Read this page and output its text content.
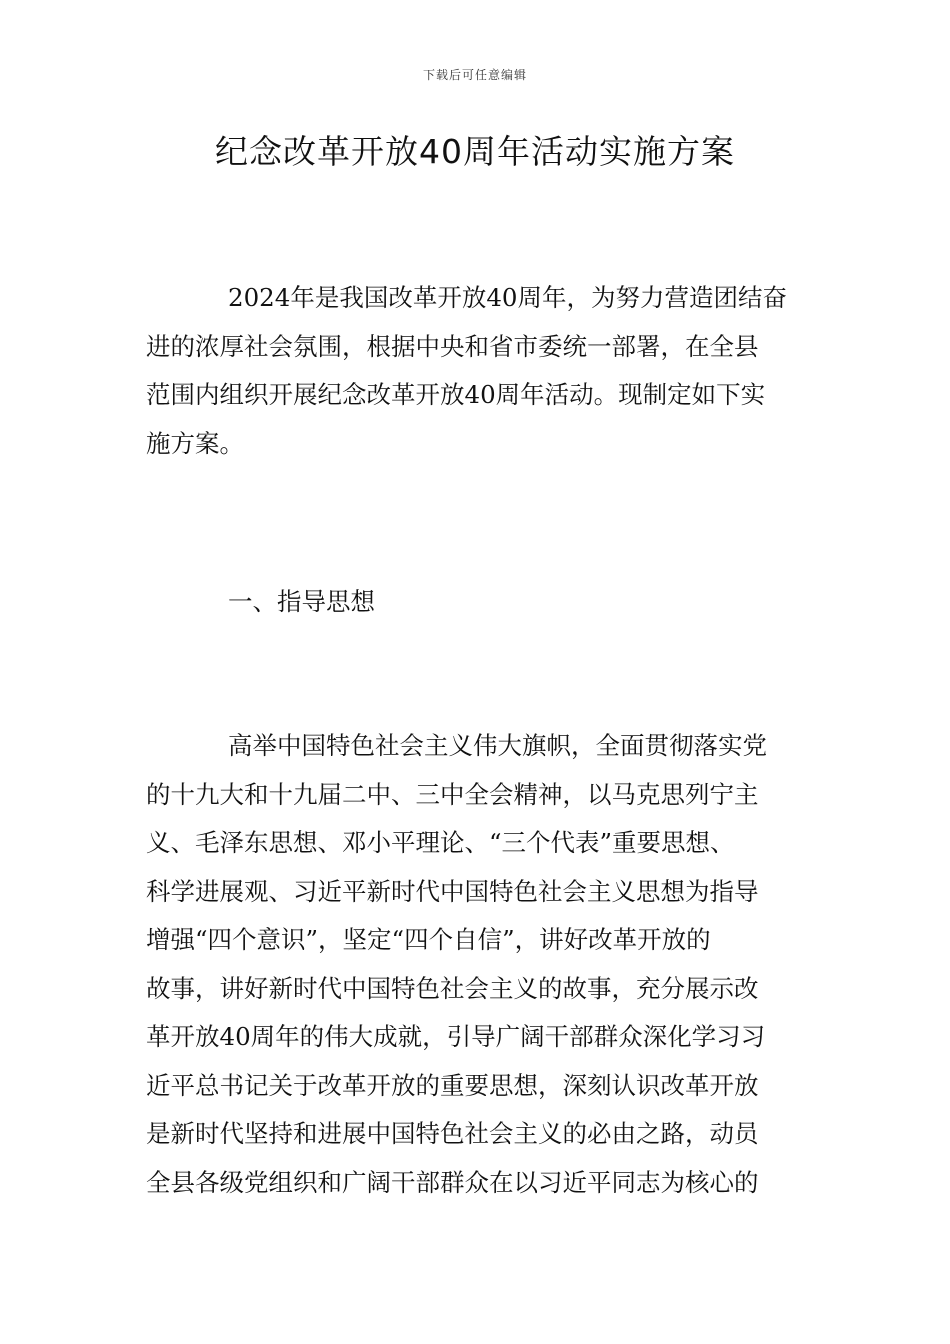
下载后可任意编辑
纪念改革开放40周年活动实施方案
2024年是我国改革开放40周年，为努力营造团结奋
进的浓厚社会氛围，根据中央和省市委统一部署，在全县
范围内组织开展纪念改革开放40周年活动。现制定如下实
施方案。
一、指导思想
高举中国特色社会主义伟大旗帜，全面贯彻落实党
的十九大和十九届二中、三中全会精神，以马克思列宁主
义、毛泽东思想、邓小平理论、“三个代表”重要思想、
科学进展观、习近平新时代中国特色社会主义思想为指导
增强“四个意识”，坚定“四个自信”，讲好改革开放的
故事，讲好新时代中国特色社会主义的故事，充分展示改
革开放40周年的伟大成就，引导广阔干部群众深化学习习
近平总书记关于改革开放的重要思想，深刻认识改革开放
是新时代坚持和进展中国特色社会主义的必由之路，动员
全县各级党组织和广阔干部群众在以习近平同志为核心的
